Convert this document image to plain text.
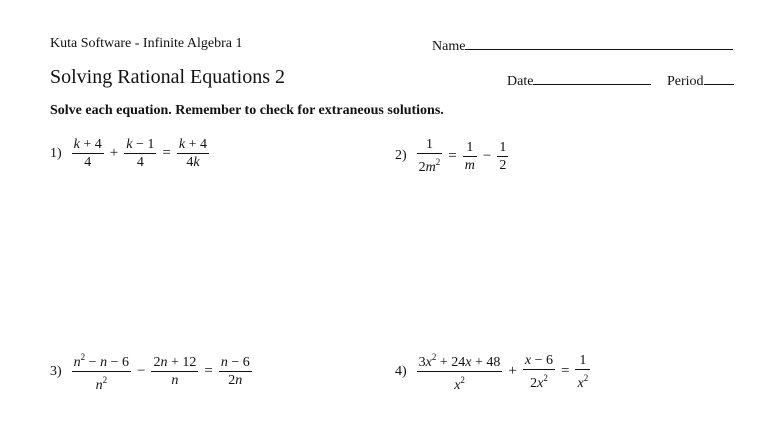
Kuta Software - Infinite Algebra 1	Name
Solving Rational Equations 2	Date	Period
Solve each equation. Remember to check for extraneous solutions.
$1) \frac{k + 4}{4} + \frac{k - 1}{4} = \frac{k + 4}{4k}$	$2) \frac{1}{2m^2} = \frac{1}{m} - \frac{1}{2}$
$3) \frac{n^2 - n - 6}{n^2} - \frac{2n + 12}{n} = \frac{n - 6}{2n}$	$4) \frac{3x^2 + 24x + 48}{x^2} + \frac{x - 6}{2x^2} = \frac{1}{x^2}$
